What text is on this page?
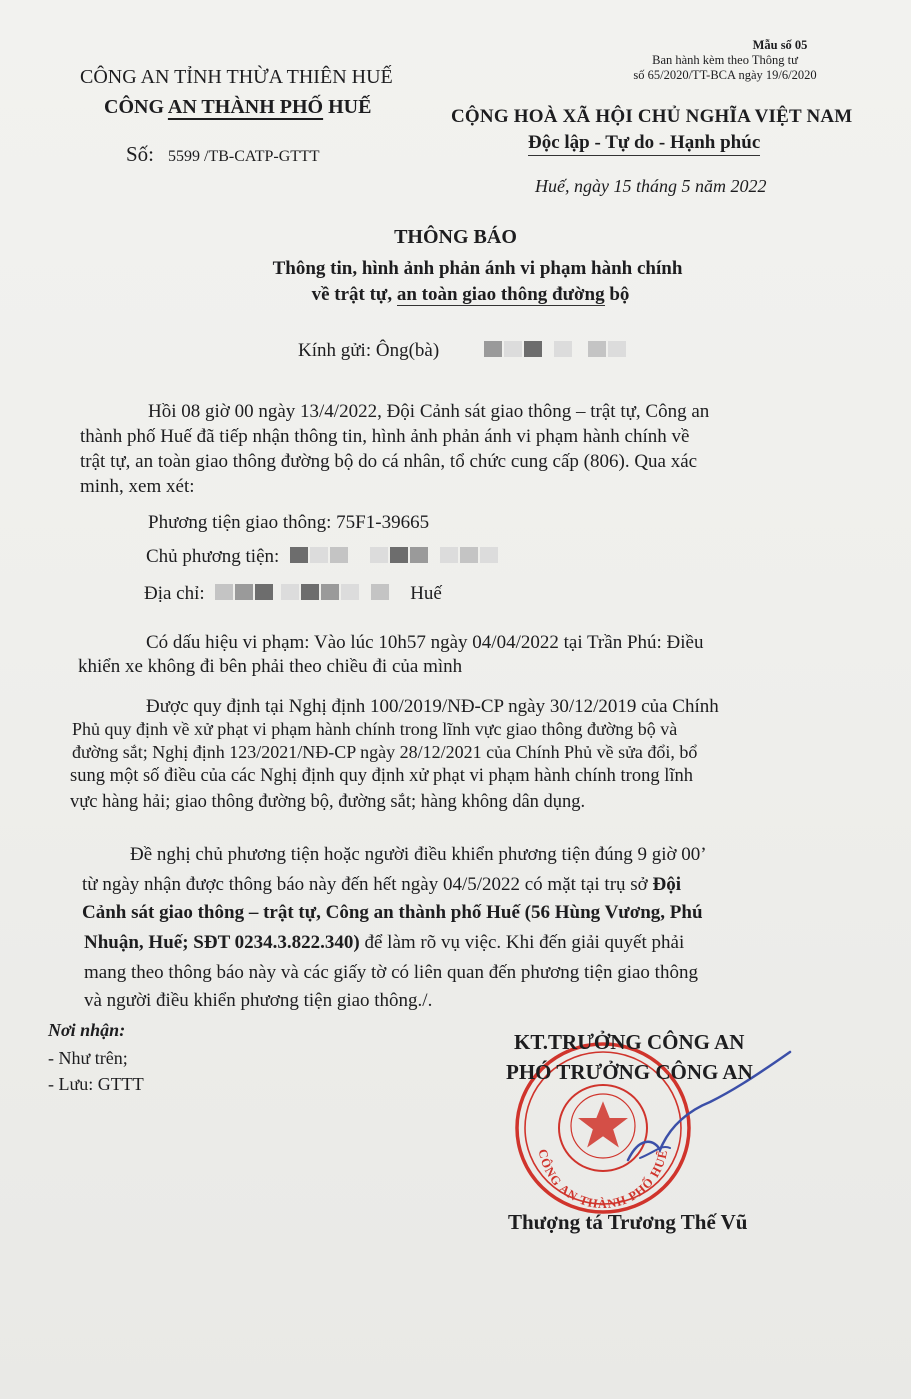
Mẫu số 05
Ban hành kèm theo Thông tư
số 65/2020/TT-BCA ngày 19/6/2020
CÔNG AN TỈNH THỪA THIÊN HUẾ
CÔNG AN THÀNH PHỐ HUẾ
Số: 5599 /TB-CATP-GTTT
CỘNG HOÀ XÃ HỘI CHỦ NGHĨA VIỆT NAM
Độc lập - Tự do - Hạnh phúc
Huế, ngày 15 tháng 5 năm 2022
THÔNG BÁO
Thông tin, hình ảnh phản ánh vi phạm hành chính
về trật tự, an toàn giao thông đường bộ
Kính gửi: Ông(bà)
Hồi 08 giờ 00 ngày 13/4/2022, Đội Cảnh sát giao thông – trật tự, Công an
thành phố Huế đã tiếp nhận thông tin, hình ảnh phản ánh vi phạm hành chính về
trật tự, an toàn giao thông đường bộ do cá nhân, tổ chức cung cấp (806). Qua xác
minh, xem xét:
Phương tiện giao thông: 75F1-39665
Chủ phương tiện:
Địa chỉ:	Huế
Có dấu hiệu vi phạm: Vào lúc 10h57 ngày 04/04/2022 tại Trần Phú: Điều
khiển xe không đi bên phải theo chiều đi của mình
Được quy định tại Nghị định 100/2019/NĐ-CP ngày 30/12/2019 của Chính
Phủ quy định về xử phạt vi phạm hành chính trong lĩnh vực giao thông đường bộ và
đường sắt; Nghị định 123/2021/NĐ-CP ngày 28/12/2021 của Chính Phủ về sửa đổi, bổ
sung một số điều của các Nghị định quy định xử phạt vi phạm hành chính trong lĩnh
vực hàng hải; giao thông đường bộ, đường sắt; hàng không dân dụng.
Đề nghị chủ phương tiện hoặc người điều khiển phương tiện đúng 9 giờ 00’
từ ngày nhận được thông báo này đến hết ngày 04/5/2022 có mặt tại trụ sở Đội
Cảnh sát giao thông – trật tự, Công an thành phố Huế (56 Hùng Vương, Phú
Nhuận, Huế; SĐT 0234.3.822.340) để làm rõ vụ việc. Khi đến giải quyết phải
mang theo thông báo này và các giấy tờ có liên quan đến phương tiện giao thông
và người điều khiển phương tiện giao thông./.
Nơi nhận:
- Như trên;
- Lưu: GTTT
CÔNG AN THÀNH PHỐ HUẾ
KT.TRƯỞNG CÔNG AN
PHÓ TRƯỞNG CÔNG AN
Thượng tá Trương Thế Vũ
